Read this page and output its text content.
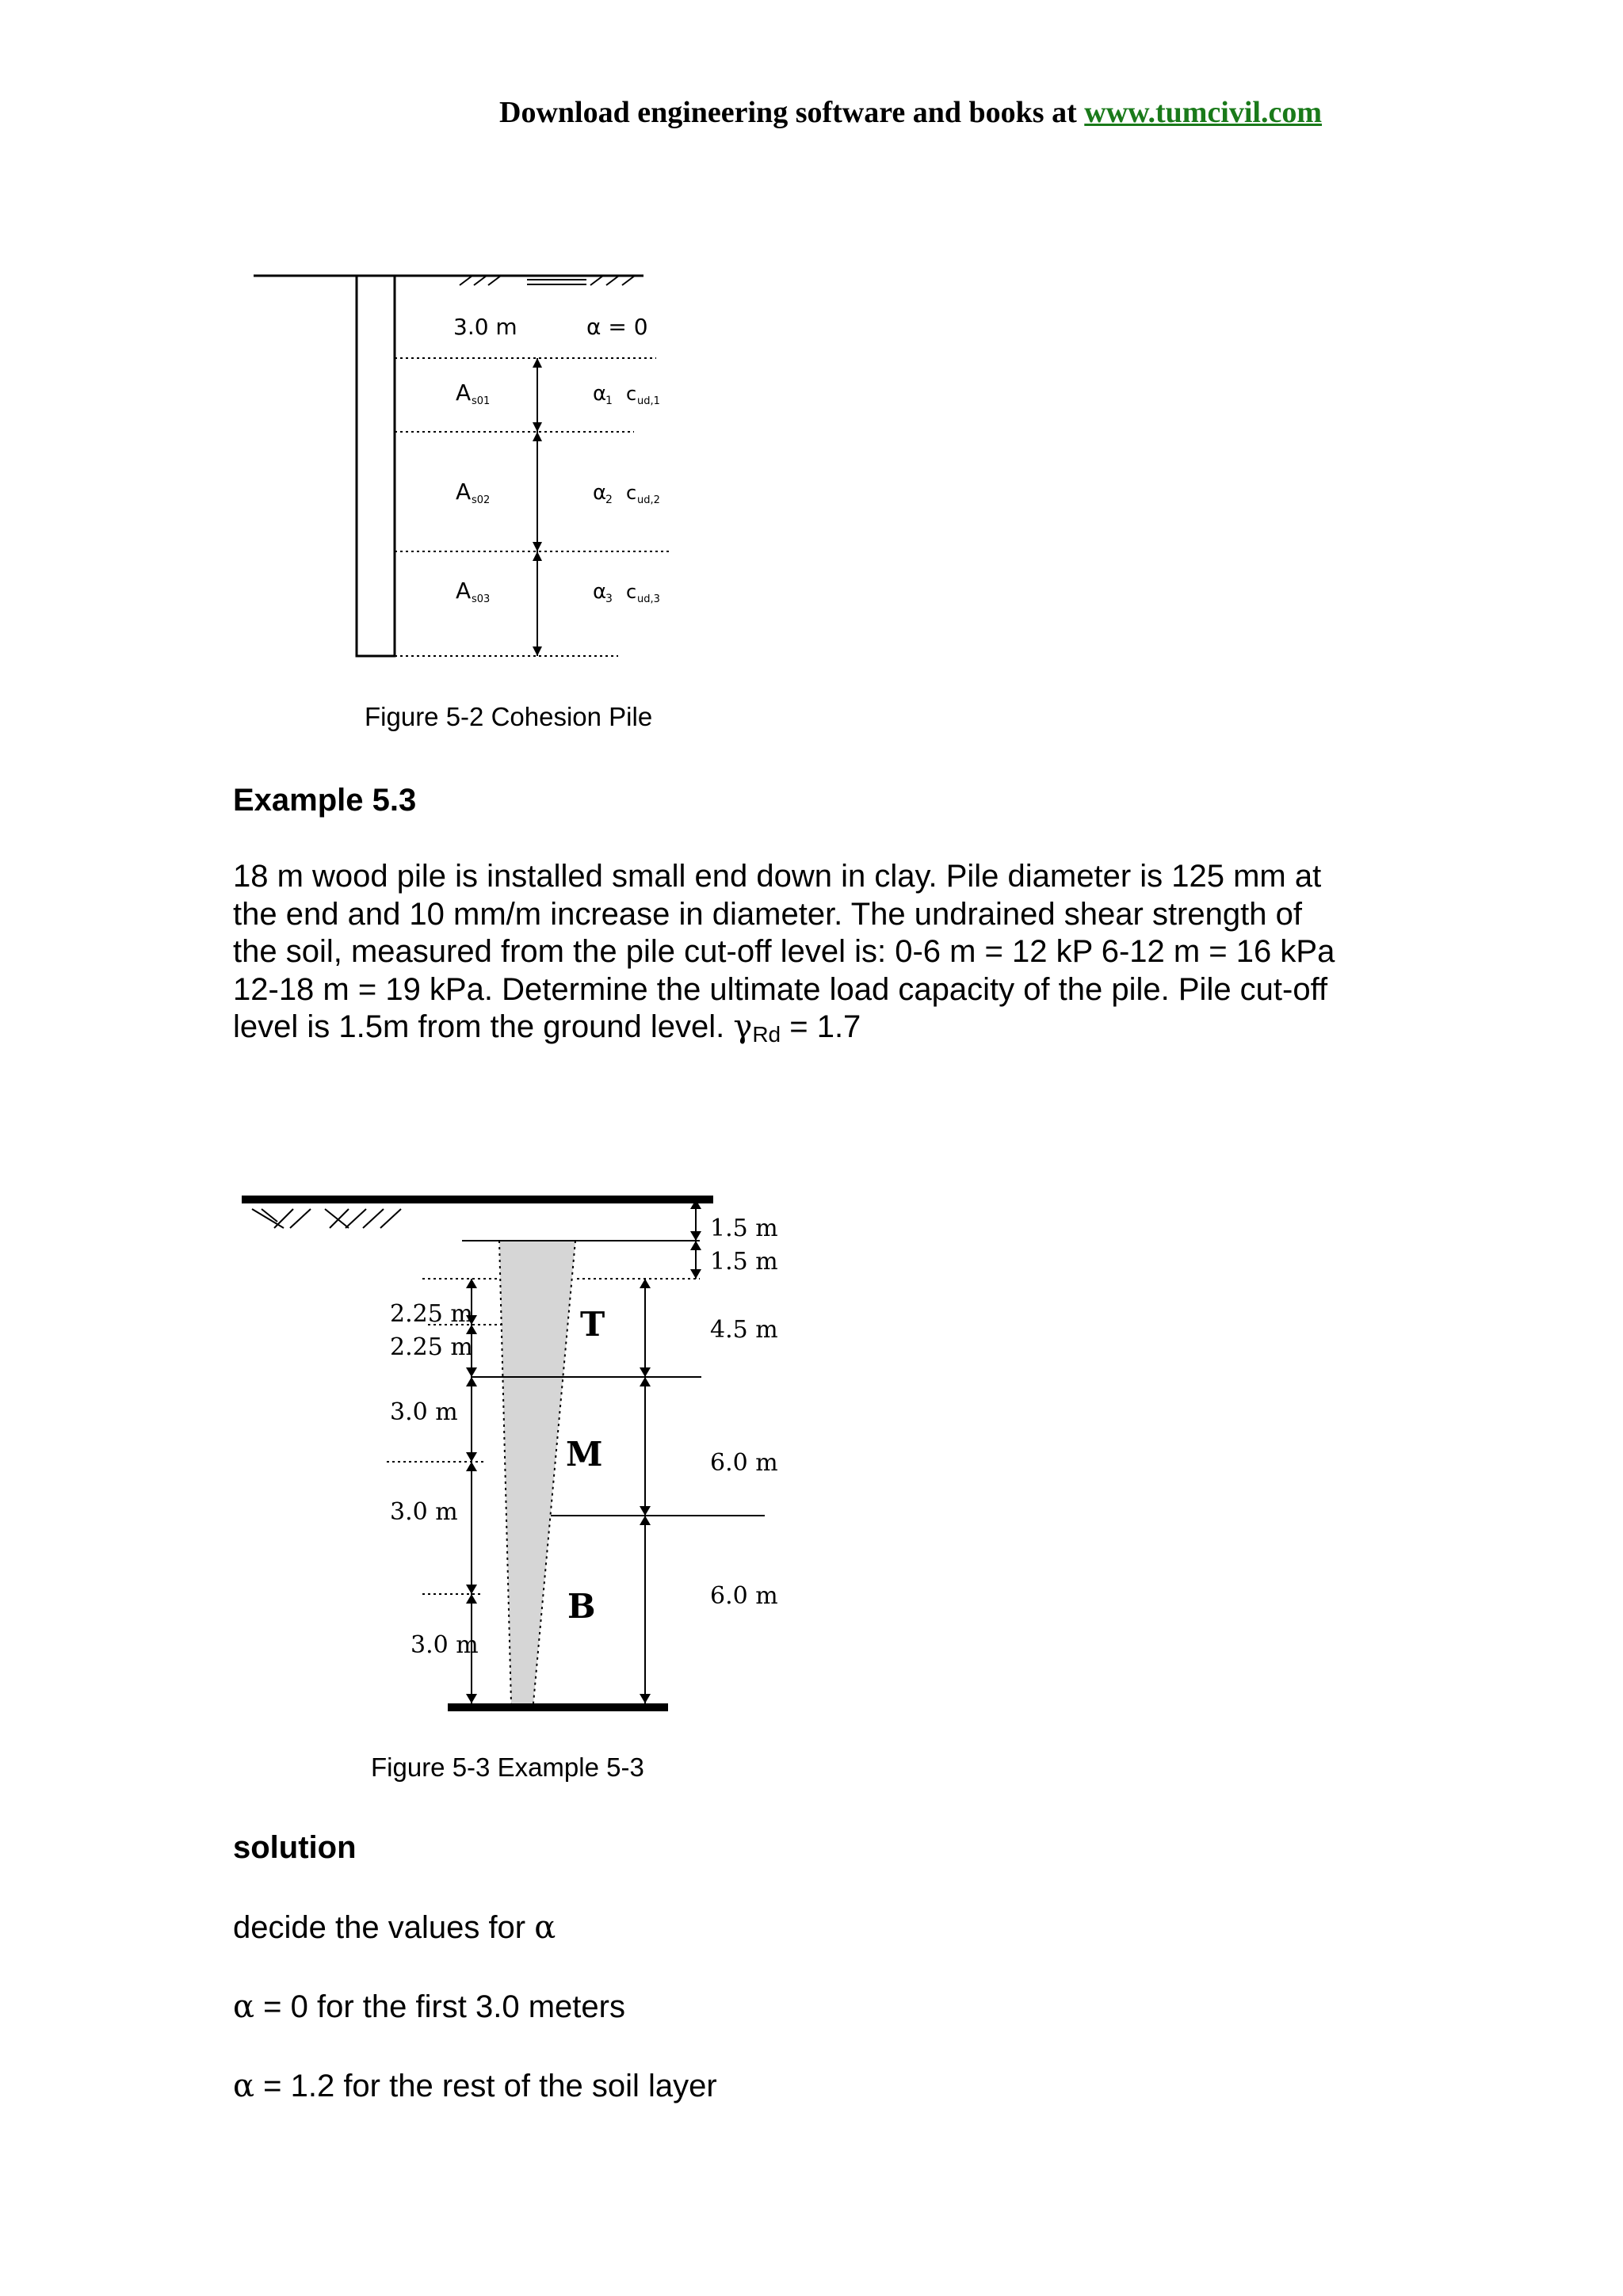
Download engineering software and books at www.tumcivil.com
3.0 m	α = 0
A s01	α
1 c ud,1
A s02	α
2 c ud,2
A s03	α
3 c ud,3
Figure 5-2 Cohesion Pile
Example 5.3
18 m wood pile is installed small end down in clay. Pile diameter is 125 mm at
the end and 10 mm/m increase in diameter. The undrained shear strength of
the soil, measured from the pile cut-off level is: 0-6 m = 12 kP 6-12 m = 16 kPa
12-18 m = 19 kPa. Determine the ultimate load capacity of the pile. Pile cut-off
level is 1.5m from the ground level. $\gamma_{Rd} = 1.7$
1.5 m
1.5 m
4.5 m
6.0 m
6.0 m
2.25 m
2.25 m
3.0 m
3.0 m
3.0 m
T
M
B
Figure 5-3 Example 5-3
solution
decide the values for α
α = 0 for the first 3.0 meters
α = 1.2 for the rest of the soil layer
